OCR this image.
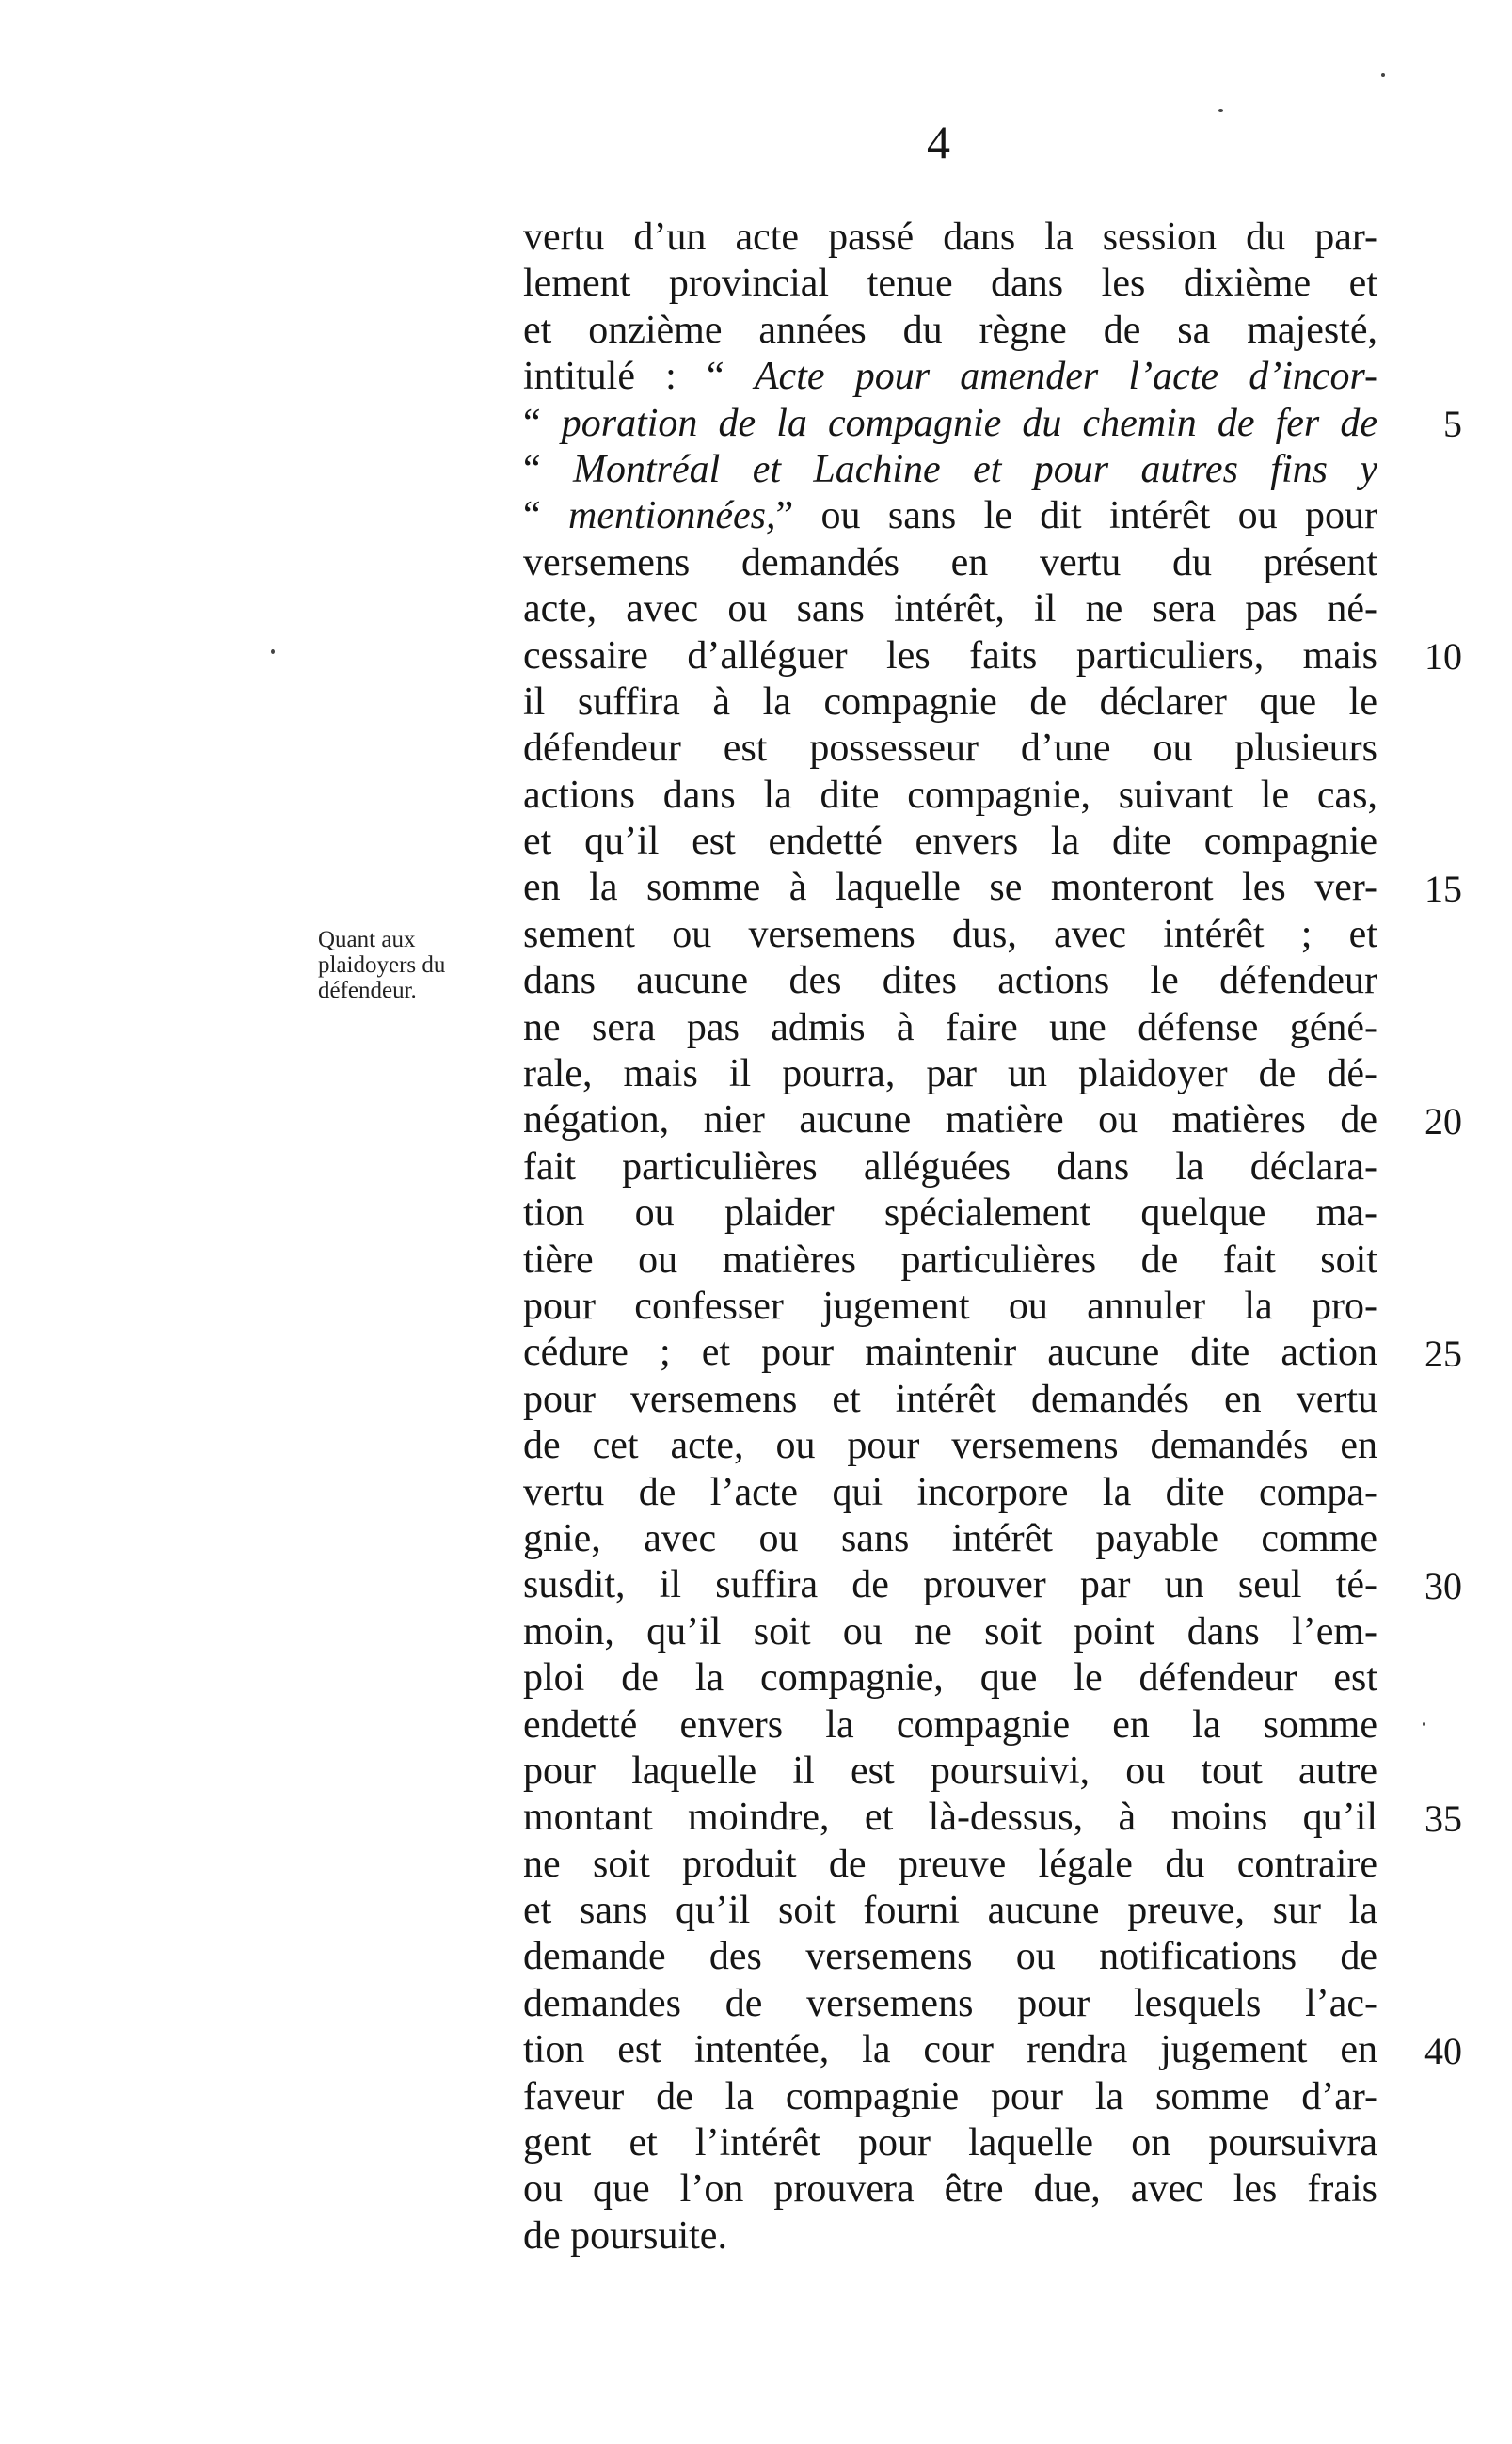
4
Quant aux
plaidoyers du
défendeur.
vertu d’un acte passé dans la session du par-
lement provincial tenue dans les dixième et
et onzième années du règne de sa majesté,
intitulé : “ Acte pour amender l’acte d’incor-
“ poration de la compagnie du chemin de fer de
“ Montréal et Lachine et pour autres fins y
“ mentionnées,” ou sans le dit intérêt ou pour
versemens demandés en vertu du présent
acte, avec ou sans intérêt, il ne sera pas né-
cessaire d’alléguer les faits particuliers, mais
il suffira à la compagnie de déclarer que le
défendeur est possesseur d’une ou plusieurs
actions dans la dite compagnie, suivant le cas,
et qu’il est endetté envers la dite compagnie
en la somme à laquelle se monteront les ver-
sement ou versemens dus, avec intérêt ; et
dans aucune des dites actions le défendeur
ne sera pas admis à faire une défense géné-
rale, mais il pourra, par un plaidoyer de dé-
négation, nier aucune matière ou matières de
fait particulières alléguées dans la déclara-
tion ou plaider spécialement quelque ma-
tière ou matières particulières de fait soit
pour confesser jugement ou annuler la pro-
cédure ; et pour maintenir aucune dite action
pour versemens et intérêt demandés en vertu
de cet acte, ou pour versemens demandés en
vertu de l’acte qui incorpore la dite compa-
gnie, avec ou sans intérêt payable comme
susdit, il suffira de prouver par un seul té-
moin, qu’il soit ou ne soit point dans l’em-
ploi de la compagnie, que le défendeur est
endetté envers la compagnie en la somme
pour laquelle il est poursuivi, ou tout autre
montant moindre, et là-dessus, à moins qu’il
ne soit produit de preuve légale du contraire
et sans qu’il soit fourni aucune preuve, sur la
demande des versemens ou notifications de
demandes de versemens pour lesquels l’ac-
tion est intentée, la cour rendra jugement en
faveur de la compagnie pour la somme d’ar-
gent et l’intérêt pour laquelle on poursuivra
ou que l’on prouvera être due, avec les frais
de poursuite.
5
10
15
20
25
30
35
40
